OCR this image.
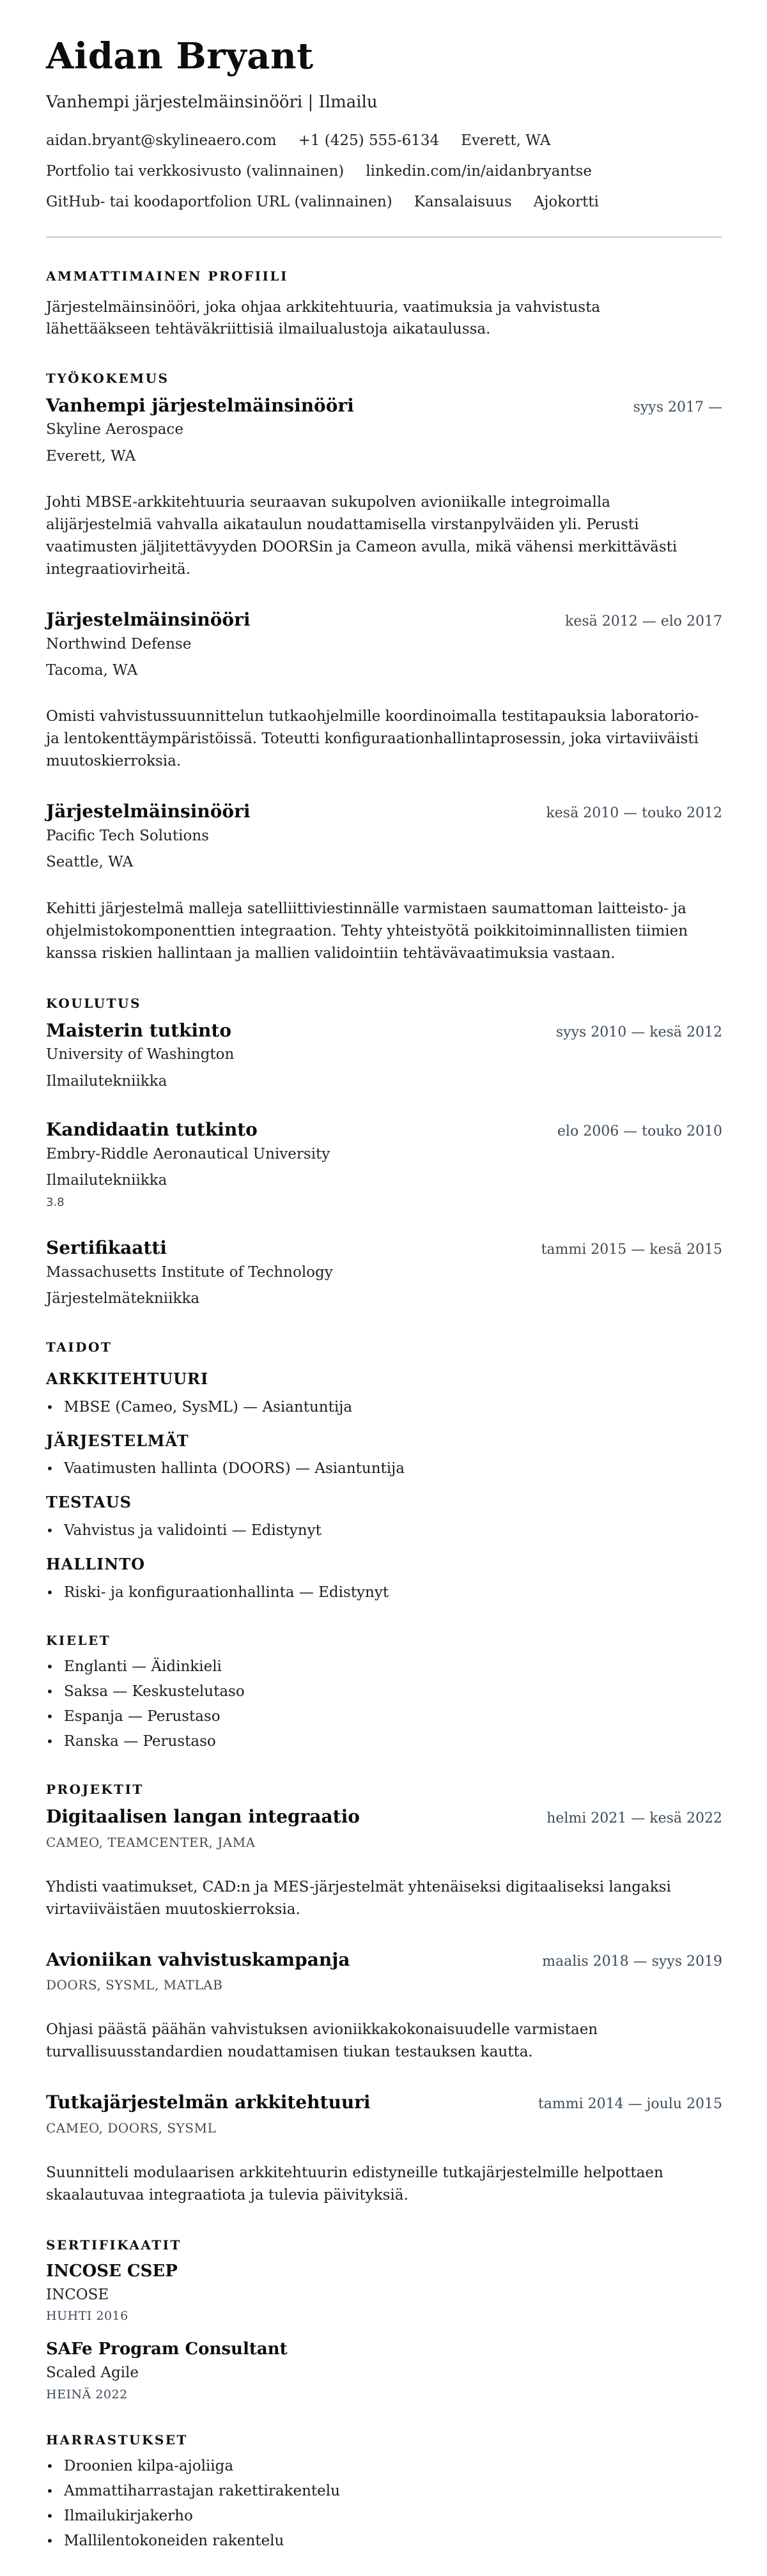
Aidan Bryant
Vanhempi järjestelmäinsinööri | Ilmailu
aidan.bryant@skylineaero.com +1 (425) 555-6134 Everett, WA
Portfolio tai verkkosivusto (valinnainen) linkedin.com/in/aidanbryantse
GitHub- tai koodaportfolion URL (valinnainen) Kansalaisuus Ajokortti
AMMATTIMAINEN PROFIILI

Järjestelmäinsinööri, joka ohjaa arkkitehtuuria, vaatimuksia ja vahvistusta lähettääkseen tehtäväkriittisiä ilmailualustoja aikataulussa.

TYÖKOKEMUS
Vanhempi järjestelmäinsinööri	syys 2017 —
Skyline Aerospace
Everett, WA

Johti MBSE-arkkitehtuuria seuraavan sukupolven avioniikalle integroimalla alijärjestelmiä vahvalla aikataulun noudattamisella virstanpylväiden yli. Perusti vaatimusten jäljitettävyyden DOORSin ja Cameon avulla, mikä vähensi merkittävästi integraatiovirheitä.

Järjestelmäinsinööri	kesä 2012 — elo 2017
Northwind Defense
Tacoma, WA

Omisti vahvistussuunnittelun tutkaohjelmille koordinoimalla testitapauksia laboratorio- ja lentokenttäympäristöissä. Toteutti konfiguraationhallintaprosessin, joka virtaviiväisti muutoskierroksia.

Järjestelmäinsinööri	kesä 2010 — touko 2012
Pacific Tech Solutions
Seattle, WA

Kehitti järjestelmä malleja satelliittiviestinnälle varmistaen saumattoman laitteisto- ja ohjelmistokomponenttien integraation. Tehty yhteistyötä poikkitoiminnallisten tiimien kanssa riskien hallintaan ja mallien validointiin tehtävävaatimuksia vastaan.

KOULUTUS
Maisterin tutkinto	syys 2010 — kesä 2012
University of Washington
Ilmailutekniikka
Kandidaatin tutkinto	elo 2006 — touko 2010
Embry-Riddle Aeronautical University
Ilmailutekniikka
3.8
Sertifikaatti	tammi 2015 — kesä 2015
Massachusetts Institute of Technology
Järjestelmätekniikka
TAIDOT
ARKKITEHTUURI
• MBSE (Cameo, SysML) — Asiantuntija
JÄRJESTELMÄT
• Vaatimusten hallinta (DOORS) — Asiantuntija
TESTAUS
• Vahvistus ja validointi — Edistynyt
HALLINTO
• Riski- ja konfiguraationhallinta — Edistynyt
KIELET
• Englanti — Äidinkieli
• Saksa — Keskustelutaso
• Espanja — Perustaso
• Ranska — Perustaso
PROJEKTIT
Digitaalisen langan integraatio	helmi 2021 — kesä 2022
CAMEO, TEAMCENTER, JAMA

Yhdisti vaatimukset, CAD:n ja MES-järjestelmät yhtenäiseksi digitaaliseksi langaksi virtaviiväistäen muutoskierroksia.

Avioniikan vahvistuskampanja	maalis 2018 — syys 2019
DOORS, SYSML, MATLAB

Ohjasi päästä päähän vahvistuksen avioniikkakokonaisuudelle varmistaen turvallisuusstandardien noudattamisen tiukan testauksen kautta.

Tutkajärjestelmän arkkitehtuuri	tammi 2014 — joulu 2015
CAMEO, DOORS, SYSML

Suunnitteli modulaarisen arkkitehtuurin edistyneille tutkajärjestelmille helpottaen skaalautuvaa integraatiota ja tulevia päivityksiä.

SERTIFIKAATIT
INCOSE CSEP
INCOSE
HUHTI 2016
SAFe Program Consultant
Scaled Agile
HEINÄ 2022
HARRASTUKSET
• Droonien kilpa-ajoliiga
• Ammattiharrastajan rakettirakentelu
• Ilmailukirjakerho
• Mallilentokoneiden rakentelu
